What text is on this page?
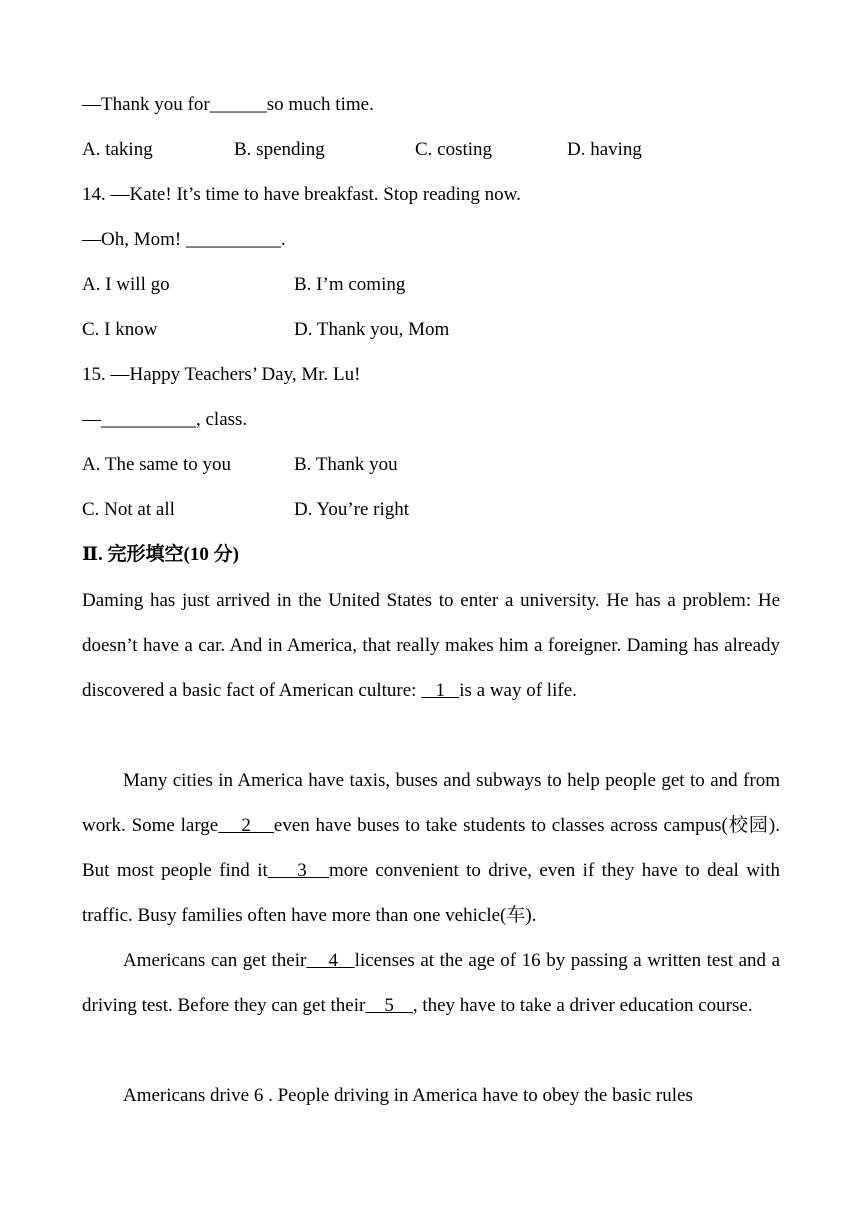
—Thank you for______so much time.
A. taking	B. spending	C. costing	D. having
14. —Kate! It’s time to have breakfast. Stop reading now.
—Oh, Mom! __________.
A. I will go	B. I’m coming
C. I know	D. Thank you, Mom
15. —Happy Teachers’ Day, Mr. Lu!
—__________, class.
A. The same to you	B. Thank you
C. Not at all	D. You’re right
Ⅱ. 完形填空(10 分)

Daming has just arrived in the United States to enter a university. He has a problem: He doesn’t have a car. And in America, that really makes him a foreigner. Daming has already discovered a basic fact of American culture:    1   is a way of life.

Many cities in America have taxis, buses and subways to help people get to and from work. Some large    2    even have buses to take students to classes across campus(校园). But most people find it    3   more convenient to drive, even if they have to deal with traffic. Busy families often have more than one vehicle(车).

Americans can get their    4   licenses at the age of 16 by passing a written test and a driving test. Before they can get their    5    , they have to take a driver education course.

Americans drive 6 . People driving in America have to obey the basic rules
